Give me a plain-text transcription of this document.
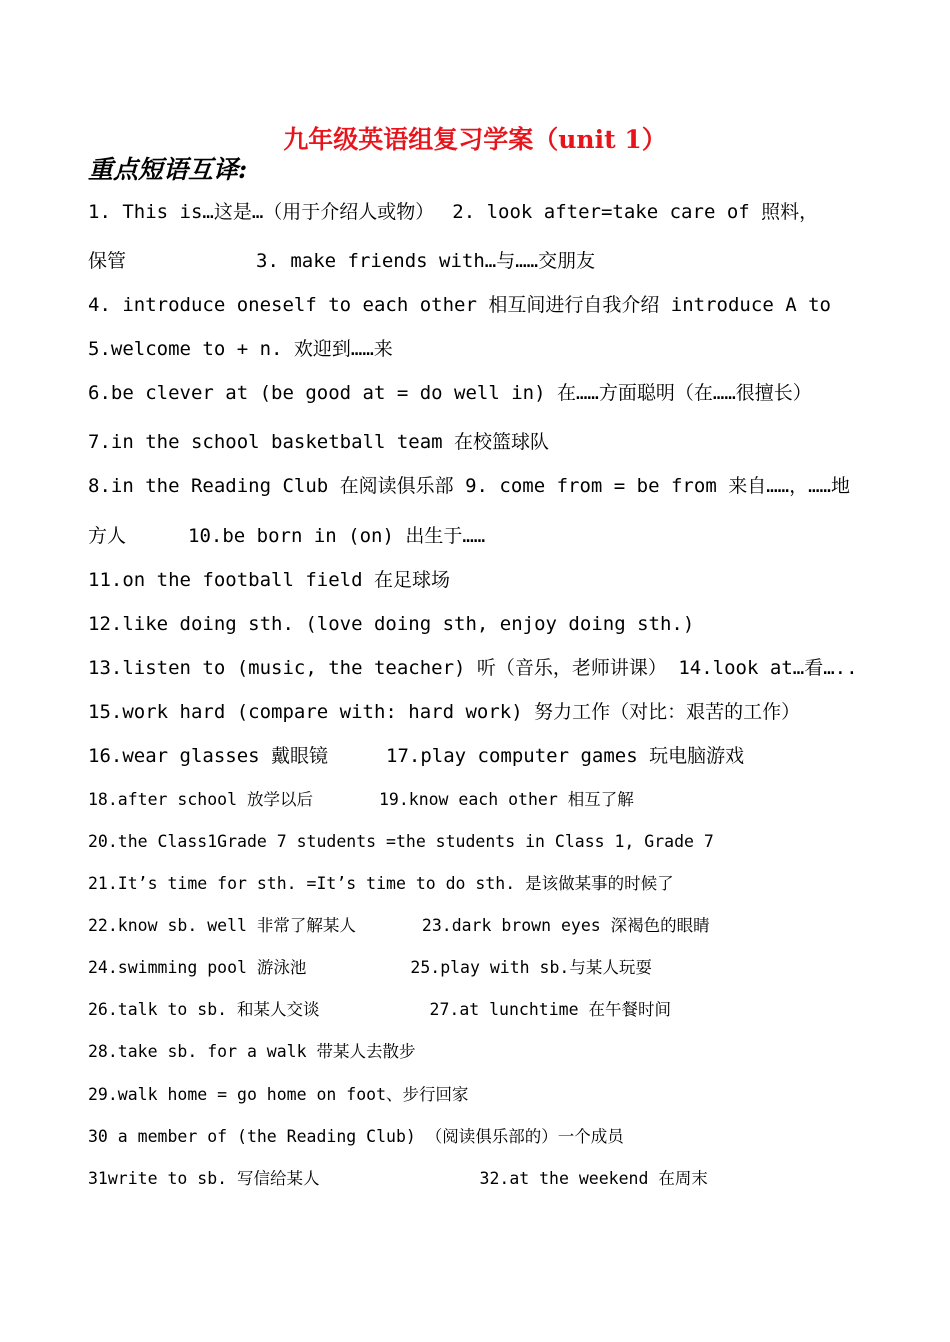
九年级英语组复习学案（unit 1）
重点短语互译:
1. This is…这是…（用于介绍人或物） 2. look after=take care of 照料，
保管	3. make friends with…与……交朋友
4. introduce oneself to each other 相互间进行自我介绍 introduce A to
5.welcome to + n. 欢迎到……来
6.be clever at (be good at = do well in) 在……方面聪明（在……很擅长）
7.in the school basketball team 在校篮球队
8.in the Reading Club 在阅读俱乐部 9. come from = be from 来自……，……地
方人	10.be born in (on) 出生于……
11.on the football field 在足球场
12.like doing sth. (love doing sth, enjoy doing sth.)
13.listen to (music, the teacher) 听（音乐，老师讲课） 14.look at…看…..
15.work hard (compare with: hard work) 努力工作（对比：艰苦的工作）
16.wear glasses 戴眼镜	17.play computer games 玩电脑游戏
18.after school 放学以后	19.know each other 相互了解
20.the Class1Grade 7 students =the students in Class 1, Grade 7
21.It’s time for sth. =It’s time to do sth. 是该做某事的时候了
22.know sb. well 非常了解某人	23.dark brown eyes 深褐色的眼睛
24.swimming pool 游泳池	25.play with sb.与某人玩耍
26.talk to sb. 和某人交谈	27.at lunchtime 在午餐时间
28.take sb. for a walk 带某人去散步
29.walk home = go home on foot、步行回家
30 a member of (the Reading Club) （阅读俱乐部的）一个成员
31write to sb. 写信给某人	32.at the weekend 在周末
